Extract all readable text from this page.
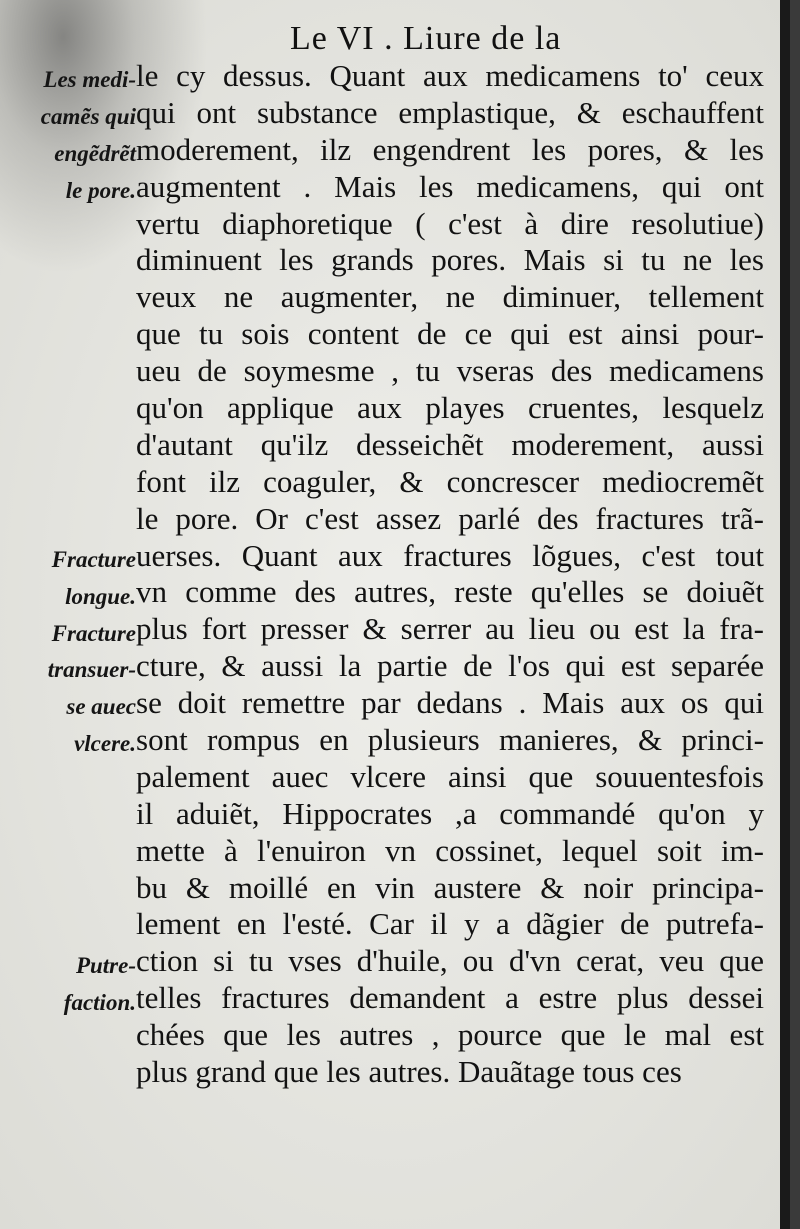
Le VI . Liure de la
Les medi-
camẽs qui
engẽdrẽt
le pore.
Fracture
longue.
Fracture
transuer-
se auec
vlcere.
Putre-
faction.
le cy dessus. Quant aux medicamens to' ceux
qui ont substance emplastique, & eschauffent
moderement, ilz engendrent les pores, & les
augmentent . Mais les medicamens, qui ont
vertu diaphoretique ( c'est à dire resolutiue)
diminuent les grands pores. Mais si tu ne les
veux ne augmenter, ne diminuer, tellement
que tu sois content de ce qui est ainsi pour-
ueu de soymesme , tu vseras des medicamens
qu'on applique aux playes cruentes, lesquelz
d'autant qu'ilz desseichẽt moderement, aussi
font ilz coaguler, & concrescer mediocremẽt
le pore. Or c'est assez parlé des fractures trã-
uerses. Quant aux fractures lõgues, c'est tout
vn comme des autres, reste qu'elles se doiuẽt
plus fort presser & serrer au lieu ou est la fra-
cture, & aussi la partie de l'os qui est separée
se doit remettre par dedans . Mais aux os qui
sont rompus en plusieurs manieres, & princi-
palement auec vlcere ainsi que souuentesfois
il aduiẽt, Hippocrates ,a commandé qu'on y
mette à l'enuiron vn cossinet, lequel soit im-
bu & moillé en vin austere & noir principa-
lement en l'esté. Car il y a dãgier de putrefa-
ction si tu vses d'huile, ou d'vn cerat, veu que
telles fractures demandent a estre plus dessei
chées que les autres , pource que le mal est
plus grand que les autres. Dauãtage tous ces
